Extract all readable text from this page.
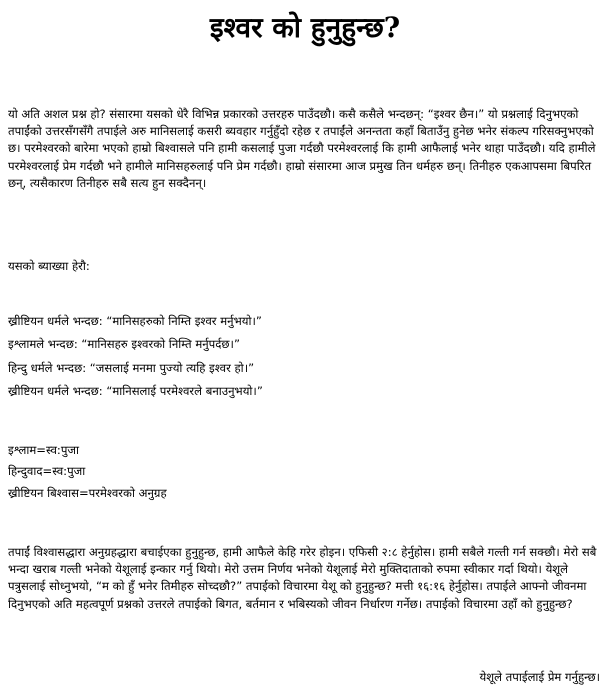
इश्वर को हुनुहुन्छ?

यो अति अशल प्रश्न हो? संसारमा यसको धेरै विभिन्न प्रकारको उत्तरहरु पाउँदछौ। कसै कसैले भन्दछन्: “इश्वर छैन।” यो प्रश्नलाई दिनुभएको तपाईंको उत्तरसँगसँगै तपाईले अरु मानिसलाई कसरी ब्यवहार गर्नुहुँदो रहेछ र तपाईंले अनन्तता कहाँ बिताउँनु हुनेछ भनेर संकल्प गरिसक्नुभएको छ। परमेश्वरको बारेमा भएको हाम्रो बिश्वासले पनि हामी कसलाई पुजा गर्दछौ परमेश्वरलाई कि हामी आफैलाई भनेर थाहा पाउँदछौ। यदि हामीले परमेश्वरलाई प्रेम गर्दछौ भने हामीले मानिसहरुलाई पनि प्रेम गर्दछौ। हाम्रो संसारमा आज प्रमुख तिन धर्महरु छन्। तिनीहरु एकआपसमा बिपरित छन्, त्यसैकारण तिनीहरु सबै सत्य हुन सक्दैनन्।

यसको ब्याख्या हेरौ:

ख्रीष्टियन धर्मले भन्दछ: “मानिसहरुको निम्ति इश्वर मर्नुभयो।”
इश्लामले भन्दछ: “मानिसहरु इश्वरको निम्ति मर्नुपर्दछ।”
हिन्दु धर्मले भन्दछ: “जसलाई मनमा पुज्यो त्यहि इश्वर हो।”
ख्रीष्टियन धर्मले भन्दछ: “मानिसलाई परमेश्वरले बनाउनुभयो।”
इश्लाम=स्व:पुजा
हिन्दुवाद=स्व:पुजा
ख्रीष्टियन बिश्वास=परमेश्वरको अनुग्रह

तपाईं विश्वासद्धारा अनुग्रहद्धारा बचाईएका हुनुहुन्छ, हामी आफैले केहि गरेर होइन। एफिसी २:८ हेर्नुहोस। हामी सबैले गल्ती गर्न सक्छौ। मेरो सबै भन्दा खराब गल्ती भनेको येशूलाई इन्कार गर्नु थियो। मेरो उत्तम निर्णय भनेको येशूलाई मेरो मुक्तिदाताको रुपमा स्वीकार गर्दा थियो। येशूले पत्रुसलाई सोध्नुभयो, “म को हुँ भनेर तिमीहरु सोच्दछौ?” तपाईको विचारमा येशू को हुनुहुन्छ? मत्ती १६:१६ हेर्नुहोस। तपाईले आफ्नो जीवनमा दिनुभएको अति महत्वपूर्ण प्रश्नको उत्तरले तपाईको बिगत, बर्तमान र भबिस्यको जीवन निर्धारण गर्नेछ। तपाईको विचारमा उहाँ को हुनुहुन्छ?

येशूले तपाईलाई प्रेम गर्नुहुन्छ।
